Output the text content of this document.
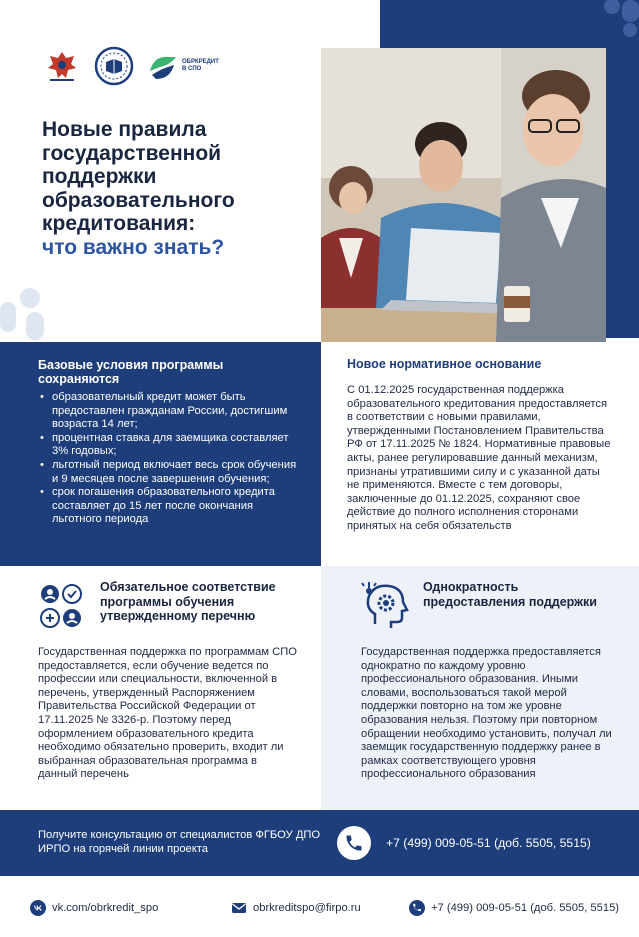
ОБРКРЕДИТ
В СПО
Новые правила государственной поддержки образовательного кредитования:
что важно знать?
Базовые условия программы сохраняются
• образовательный кредит может быть предоставлен гражданам России, достигшим возраста 14 лет;
• процентная ставка для заемщика составляет 3% годовых;
• льготный период включает весь срок обучения и 9 месяцев после завершения обучения;
• срок погашения образовательного кредита составляет до 15 лет после окончания льготного периода
Новое нормативное основание

С 01.12.2025 государственная поддержка образовательного кредитования предоставляется в соответствии с новыми правилами, утвержденными Постановлением Правительства РФ от 17.11.2025 № 1824. Нормативные правовые акты, ранее регулировавшие данный механизм, признаны утратившими силу и с указанной даты не применяются. Вместе с тем договоры, заключенные до 01.12.2025, сохраняют свое действие до полного исполнения сторонами принятых на себя обязательств

Обязательное соответствие программы обучения утвержденному перечню

Государственная поддержка по программам СПО предоставляется, если обучение ведется по профессии или специальности, включенной в перечень, утвержденный Распоряжением Правительства Российской Федерации от 17.11.2025 № 3326-р. Поэтому перед оформлением образовательного кредита необходимо обязательно проверить, входит ли выбранная образовательная программа в данный перечень

Однократность предоставления поддержки

Государственная поддержка предоставляется однократно по каждому уровню профессионального образования. Иными словами, воспользоваться такой мерой поддержки повторно на том же уровне образования нельзя. Поэтому при повторном обращении необходимо установить, получал ли заемщик государственную поддержку ранее в рамках соответствующего уровня профессионального образования

Получите консультацию от специалистов ФГБОУ ДПО ИРПО на горячей линии проекта	+7 (499) 009-05-51 (доб. 5505, 5515)
vk.com/obrkredit_spo	obrkreditspo@firpo.ru	+7 (499) 009-05-51 (доб. 5505, 5515)
